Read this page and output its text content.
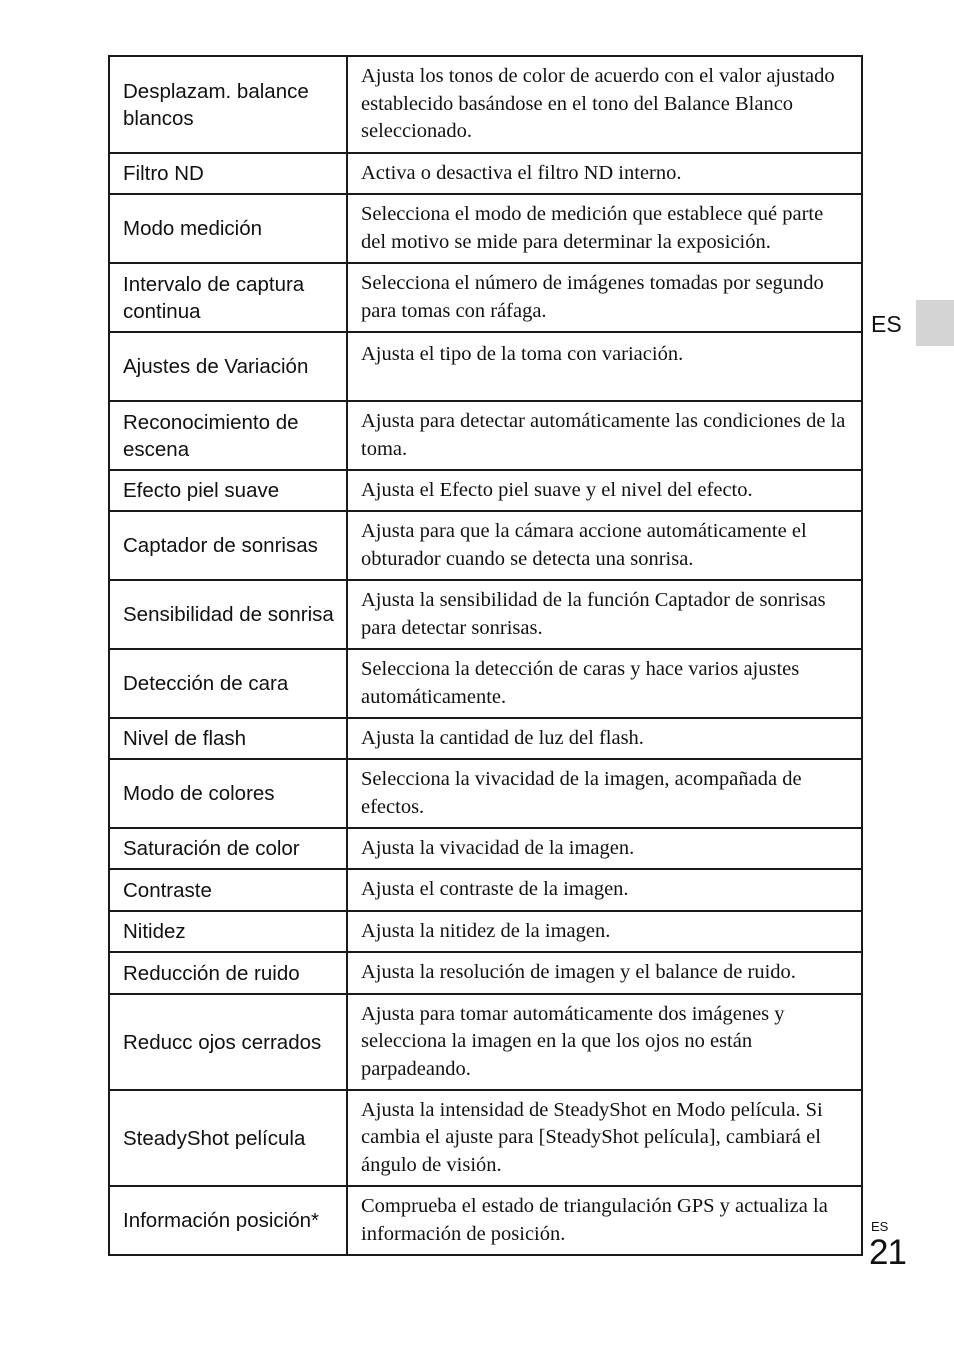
Desplazam. balance blancos	Ajusta los tonos de color de acuerdo con el valor ajustado establecido basándose en el tono del Balance Blanco seleccionado.
Filtro ND	Activa o desactiva el filtro ND interno.
Modo medición	Selecciona el modo de medición que establece qué parte del motivo se mide para determinar la exposición.
Intervalo de captura continua	Selecciona el número de imágenes tomadas por segundo para tomas con ráfaga.
Ajustes de Variación	Ajusta el tipo de la toma con variación.
Reconocimiento de escena	Ajusta para detectar automáticamente las condiciones de la toma.
Efecto piel suave	Ajusta el Efecto piel suave y el nivel del efecto.
Captador de sonrisas	Ajusta para que la cámara accione automáticamente el obturador cuando se detecta una sonrisa.
Sensibilidad de sonrisa	Ajusta la sensibilidad de la función Captador de sonrisas para detectar sonrisas.
Detección de cara	Selecciona la detección de caras y hace varios ajustes automáticamente.
Nivel de flash	Ajusta la cantidad de luz del flash.
Modo de colores	Selecciona la vivacidad de la imagen, acompañada de efectos.
Saturación de color	Ajusta la vivacidad de la imagen.
Contraste	Ajusta el contraste de la imagen.
Nitidez	Ajusta la nitidez de la imagen.
Reducción de ruido	Ajusta la resolución de imagen y el balance de ruido.
Reducc ojos cerrados	Ajusta para tomar automáticamente dos imágenes y selecciona la imagen en la que los ojos no están parpadeando.
SteadyShot película	Ajusta la intensidad de SteadyShot en Modo película. Si cambia el ajuste para [SteadyShot película], cambiará el ángulo de visión.
Información posición*	Comprueba el estado de triangulación GPS y actualiza la información de posición.
ES
ES
21
